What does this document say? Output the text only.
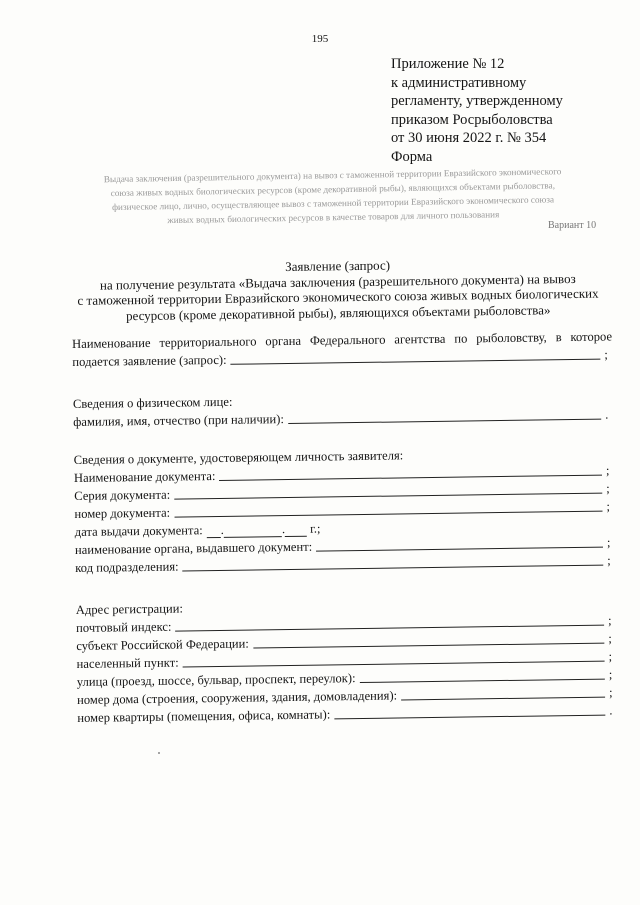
195
Приложение № 12
к административному
регламенту, утвержденному
приказом Росрыболовства
от 30 июня 2022 г. № 354
Форма
Выдача заключения (разрешительного документа) на вывоз с таможенной территории Евразийского экономического
союза живых водных биологических ресурсов (кроме декоративной рыбы), являющихся объектами рыболовства,
физическое лицо, лично, осуществляющее вывоз с таможенной территории Евразийского экономического союза
живых водных биологических ресурсов в качестве товаров для личного пользования
Вариант 10
Заявление (запрос)
на получение результата «Выдача заключения (разрешительного документа) на вывоз
с таможенной территории Евразийского экономического союза живых водных биологических
ресурсов (кроме декоративной рыбы), являющихся объектами рыболовства»
Наименование территориального органа Федерального агентства по рыболовству, в которое
подается заявление (запрос):	;
Сведения о физическом лице:
фамилия, имя, отчество (при наличии):	.
Сведения о документе, удостоверяющем личность заявителя:
Наименование документа:	;
Серия документа:	;
номер документа:	;
дата выдачи документа: .	. г.;
наименование органа, выдавшего документ:	;
код подразделения:	;
Адрес регистрации:
почтовый индекс:	;
субъект Российской Федерации:	;
населенный пункт:	;
улица (проезд, шоссе, бульвар, проспект, переулок):	;
номер дома (строения, сооружения, здания, домовладения):	;
номер квартиры (помещения, офиса, комнаты):	.
